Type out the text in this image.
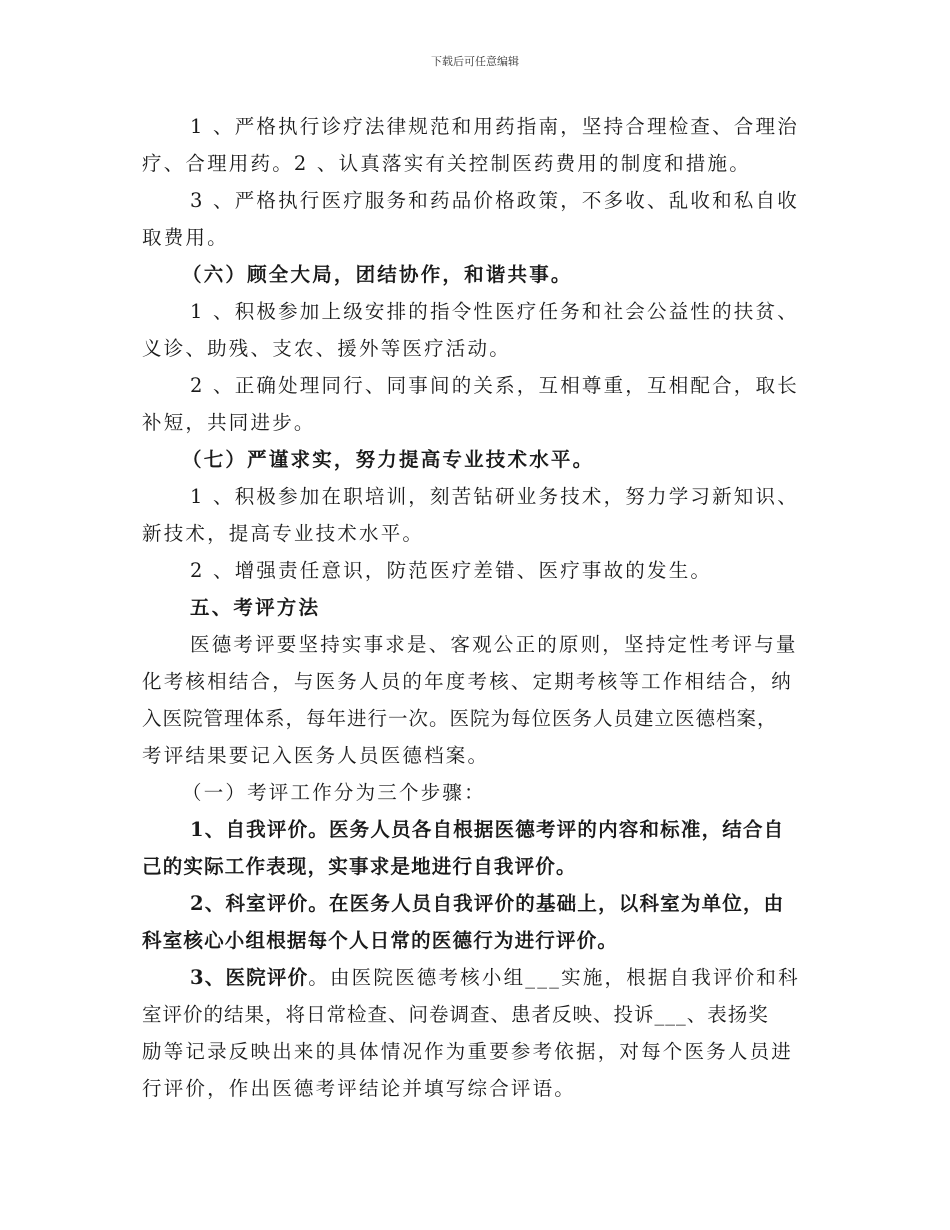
下载后可任意编辑
1 、严格执行诊疗法律规范和用药指南，坚持合理检查、合理治
疗、合理用药。2 、认真落实有关控制医药费用的制度和措施。
3 、严格执行医疗服务和药品价格政策，不多收、乱收和私自收
取费用。
（六）顾全大局，团结协作，和谐共事。
1 、积极参加上级安排的指令性医疗任务和社会公益性的扶贫、
义诊、助残、支农、援外等医疗活动。
2 、正确处理同行、同事间的关系，互相尊重，互相配合，取长
补短，共同进步。
（七）严谨求实，努力提高专业技术水平。
1 、积极参加在职培训，刻苦钻研业务技术，努力学习新知识、
新技术，提高专业技术水平。
2 、增强责任意识，防范医疗差错、医疗事故的发生。
五、考评方法
医德考评要坚持实事求是、客观公正的原则，坚持定性考评与量
化考核相结合，与医务人员的年度考核、定期考核等工作相结合，纳
入医院管理体系，每年进行一次。医院为每位医务人员建立医德档案，
考评结果要记入医务人员医德档案。
（一）考评工作分为三个步骤：
1、自我评价。医务人员各自根据医德考评的内容和标准，结合自
己的实际工作表现，实事求是地进行自我评价。
2、科室评价。在医务人员自我评价的基础上，以科室为单位，由
科室核心小组根据每个人日常的医德行为进行评价。
3、医院评价。由医院医德考核小组___实施，根据自我评价和科
室评价的结果，将日常检查、问卷调查、患者反映、投诉___、表扬奖
励等记录反映出来的具体情况作为重要参考依据，对每个医务人员进
行评价，作出医德考评结论并填写综合评语。
